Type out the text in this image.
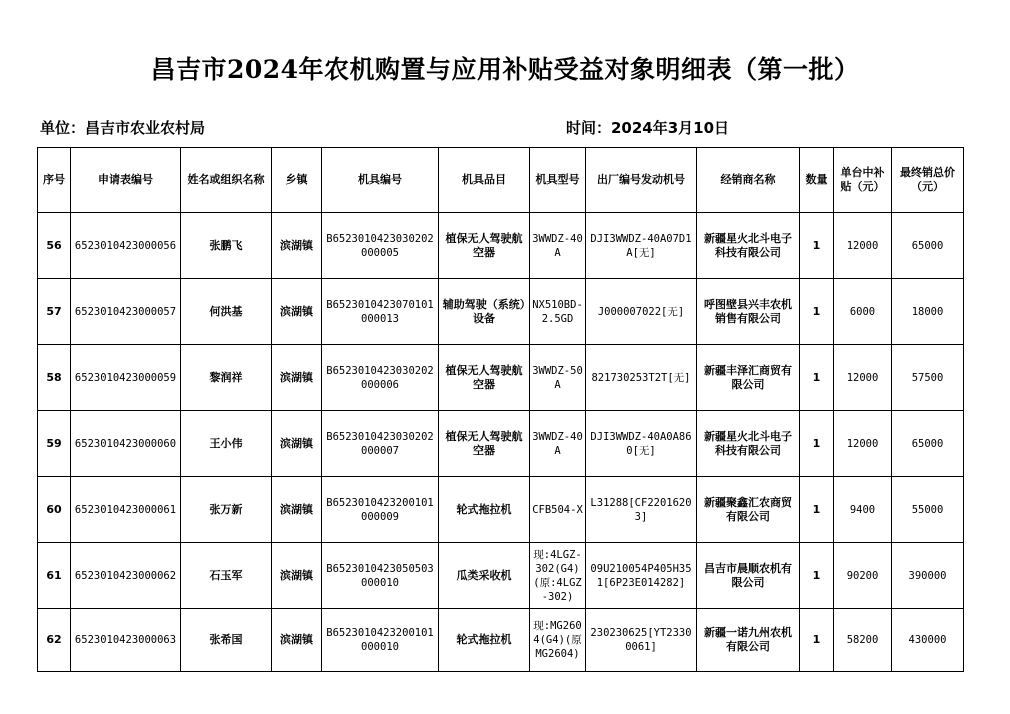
昌吉市2024年农机购置与应用补贴受益对象明细表（第一批）
单位：昌吉市农业农村局	时间：2024年3月10日
序号	申请表编号	姓名或组织名称	乡镇	机具编号	机具品目	机具型号	出厂编号发动机号	经销商名称	数量	单台中补贴（元）	最终销总价（元）

56	6523010423000056	张鹏飞	滨湖镇	B6523010423030202000005	植保无人驾驶航空器	3WWDZ-40A	DJI3WWDZ-40A07D1A[无]	新疆星火北斗电子科技有限公司	1	12000	65000

57	6523010423000057	何洪基	滨湖镇	B6523010423070101000013	辅助驾驶（系统）设备	NX510BD-2.5GD	J000007022[无]	呼图壁县兴丰农机销售有限公司	1	6000	18000

58	6523010423000059	黎润祥	滨湖镇	B6523010423030202000006	植保无人驾驶航空器	3WWDZ-50A	821730253T2T[无]	新疆丰泽汇商贸有限公司	1	12000	57500

59	6523010423000060	王小伟	滨湖镇	B6523010423030202000007	植保无人驾驶航空器	3WWDZ-40A	DJI3WWDZ-40A0A860[无]	新疆星火北斗电子科技有限公司	1	12000	65000

60	6523010423000061	张万新	滨湖镇	B6523010423200101000009	轮式拖拉机	CFB504-X	L31288[CF22016203]	新疆聚鑫汇农商贸有限公司	1	9400	55000

61	6523010423000062	石玉军	滨湖镇	B6523010423050503000010	瓜类采收机	现:4LGZ-302(G4)(原:4LGZ-302)	09U210054P405H351[6P23E014282]	昌吉市晨顺农机有限公司	1	90200	390000

62	6523010423000063	张希国	滨湖镇	B6523010423200101000010	轮式拖拉机	现:MG2604(G4)(原MG2604)	230230625[YT23300061]	新疆一诺九州农机有限公司	1	58200	430000
